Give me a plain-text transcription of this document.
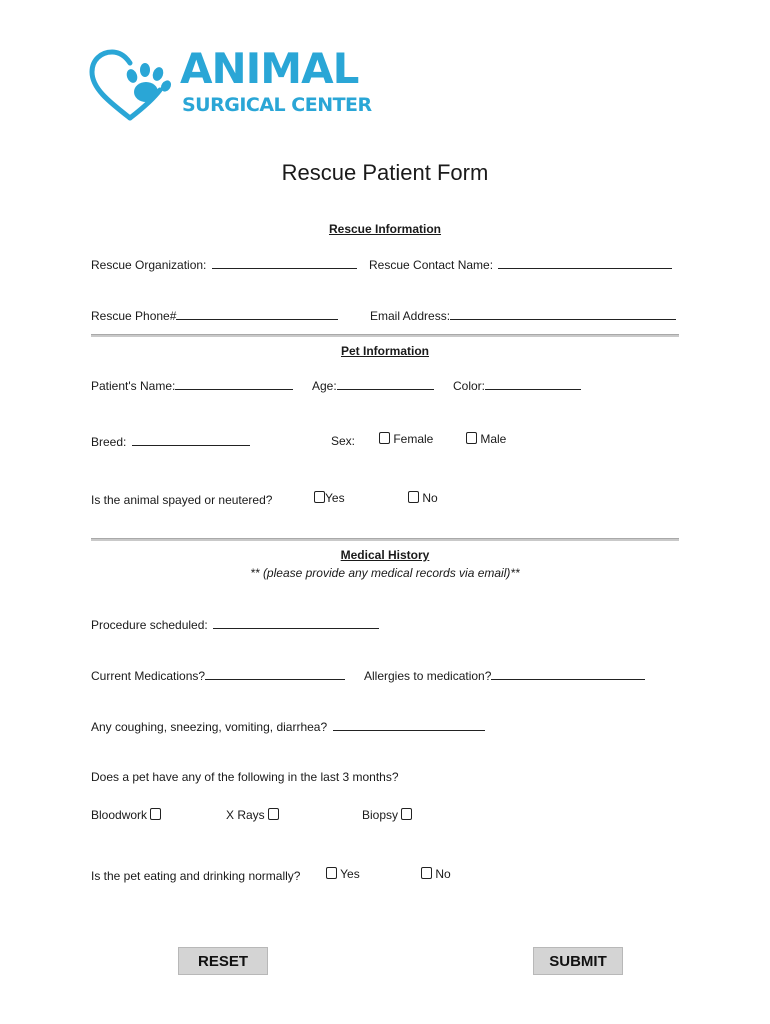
ANIMAL
SURGICAL CENTER
Rescue Patient Form
Rescue Information
Rescue Organization:	Rescue Contact Name:
Rescue Phone#	Email Address:
Pet Information
Patient's Name:	Age:	Color:
Breed:	Sex:	Female	Male
Is the animal spayed or neutered?	Yes	No
Medical History
** (please provide any medical records via email)**
Procedure scheduled:
Current Medications?	Allergies to medication?
Any coughing, sneezing, vomiting, diarrhea?
Does a pet have any of the following in the last 3 months?
Bloodwork	X Rays	Biopsy
Is the pet eating and drinking normally?	Yes	No
RESET	SUBMIT
